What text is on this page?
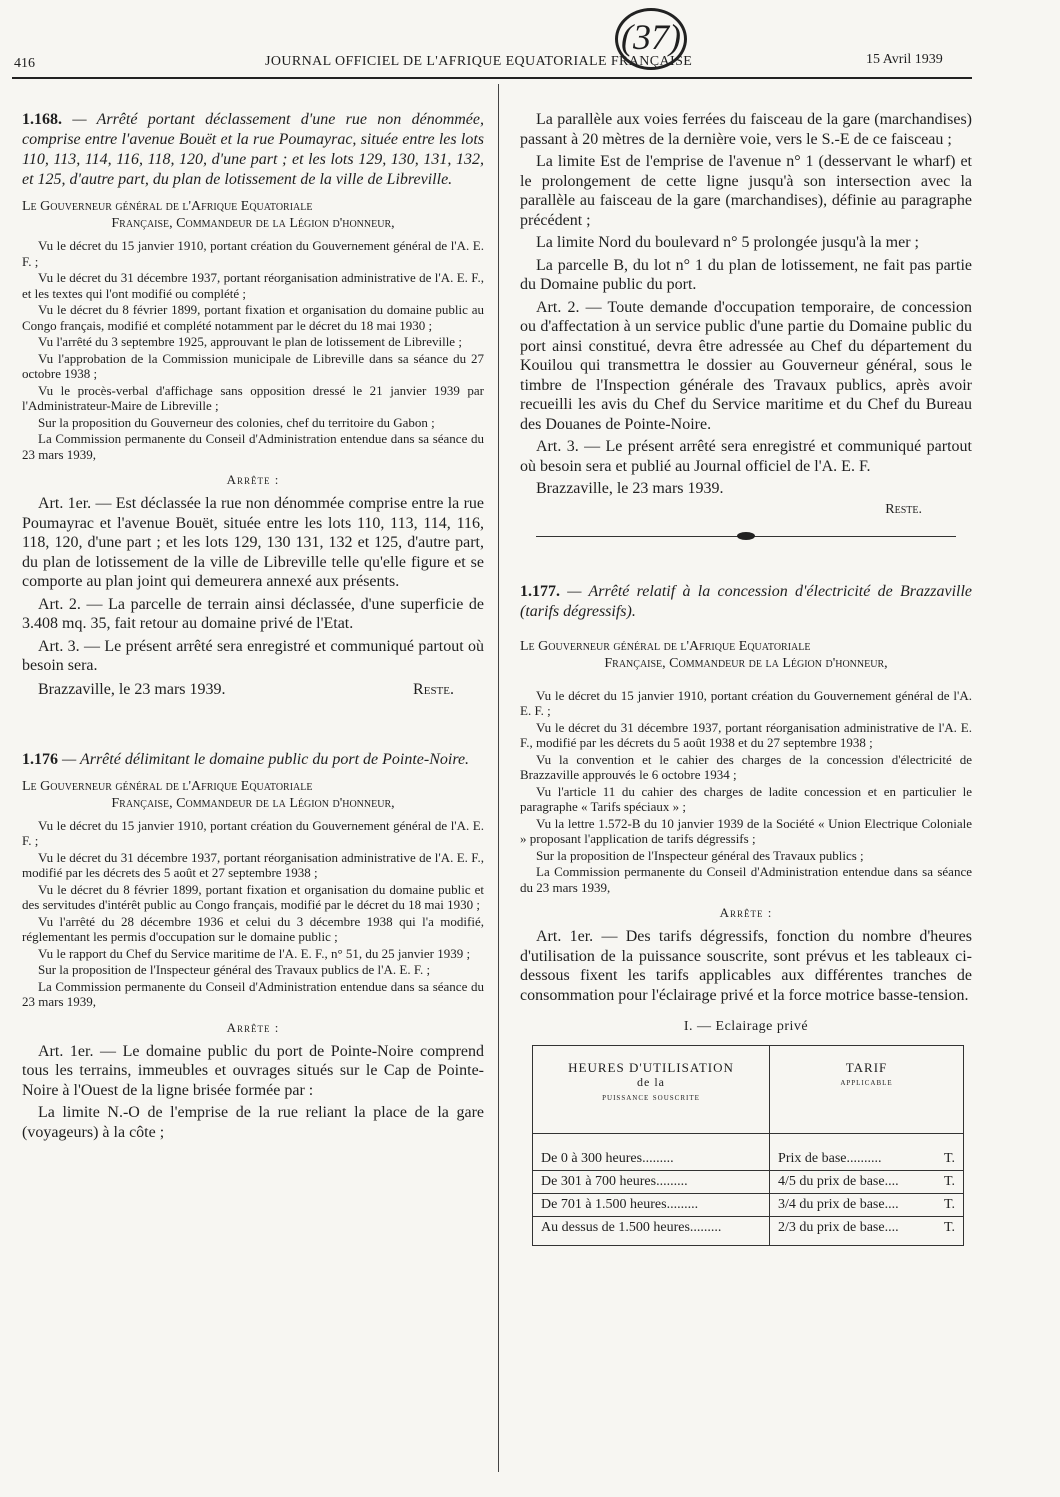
416	JOURNAL OFFICIEL DE L'AFRIQUE EQUATORIALE FRANÇAISE
(37)
15 Avril 1939

1.168. — Arrêté portant déclassement d'une rue non dénommée, comprise entre l'avenue Bouët et la rue Poumayrac, située entre les lots 110, 113, 114, 116, 118, 120, d'une part ; et les lots 129, 130, 131, 132, et 125, d'autre part, du plan de lotissement de la ville de Libreville.

Le Gouverneur général de l'Afrique Equatoriale
Française, Commandeur de la Légion d'honneur,

Vu le décret du 15 janvier 1910, portant création du Gouvernement général de l'A. E. F. ;

Vu le décret du 31 décembre 1937, portant réorganisation administrative de l'A. E. F., et les textes qui l'ont modifié ou complété ;

Vu le décret du 8 février 1899, portant fixation et organisation du domaine public au Congo français, modifié et complété notamment par le décret du 18 mai 1930 ;

Vu l'arrêté du 3 septembre 1925, approuvant le plan de lotissement de Libreville ;

Vu l'approbation de la Commission municipale de Libreville dans sa séance du 27 octobre 1938 ;

Vu le procès-verbal d'affichage sans opposition dressé le 21 janvier 1939 par l'Administrateur-Maire de Libreville ;

Sur la proposition du Gouverneur des colonies, chef du territoire du Gabon ;

La Commission permanente du Conseil d'Administration entendue dans sa séance du 23 mars 1939,

Arrête :

Art. 1er. — Est déclassée la rue non dénommée comprise entre la rue Poumayrac et l'avenue Bouët, située entre les lots 110, 113, 114, 116, 118, 120, d'une part ; et les lots 129, 130 131, 132 et 125, d'autre part, du plan de lotissement de la ville de Libreville telle qu'elle figure et se comporte au plan joint qui demeurera annexé aux présents.

Art. 2. — La parcelle de terrain ainsi déclassée, d'une superficie de 3.408 mq. 35, fait retour au domaine privé de l'Etat.

Art. 3. — Le présent arrêté sera enregistré et communiqué partout où besoin sera.

Brazzaville, le 23 mars 1939.	Reste.

1.176 — Arrêté délimitant le domaine public du port de Pointe-Noire.

Le Gouverneur général de l'Afrique Equatoriale
Française, Commandeur de la Légion d'honneur,

Vu le décret du 15 janvier 1910, portant création du Gouvernement général de l'A. E. F. ;

Vu le décret du 31 décembre 1937, portant réorganisation administrative de l'A. E. F., modifié par les décrets des 5 août et 27 septembre 1938 ;

Vu le décret du 8 février 1899, portant fixation et organisation du domaine public et des servitudes d'intérêt public au Congo français, modifié par le décret du 18 mai 1930 ;

Vu l'arrêté du 28 décembre 1936 et celui du 3 décembre 1938 qui l'a modifié, réglementant les permis d'occupation sur le domaine public ;

Vu le rapport du Chef du Service maritime de l'A. E. F., n° 51, du 25 janvier 1939 ;

Sur la proposition de l'Inspecteur général des Travaux publics de l'A. E. F. ;

La Commission permanente du Conseil d'Administration entendue dans sa séance du 23 mars 1939,

Arrête :

Art. 1er. — Le domaine public du port de Pointe-Noire comprend tous les terrains, immeubles et ouvrages situés sur le Cap de Pointe-Noire à l'Ouest de la ligne brisée formée par :

La limite N.-O de l'emprise de la rue reliant la place de la gare (voyageurs) à la côte ;

La parallèle aux voies ferrées du faisceau de la gare (marchandises) passant à 20 mètres de la dernière voie, vers le S.-E de ce faisceau ;

La limite Est de l'emprise de l'avenue n° 1 (desservant le wharf) et le prolongement de cette ligne jusqu'à son intersection avec la parallèle au faisceau de la gare (marchandises), définie au paragraphe précédent ;

La limite Nord du boulevard n° 5 prolongée jusqu'à la mer ;

La parcelle B, du lot n° 1 du plan de lotissement, ne fait pas partie du Domaine public du port.

Art. 2. — Toute demande d'occupation temporaire, de concession ou d'affectation à un service public d'une partie du Domaine public du port ainsi constitué, devra être adressée au Chef du département du Kouilou qui transmettra le dossier au Gouverneur général, sous le timbre de l'Inspection générale des Travaux publics, après avoir recueilli les avis du Chef du Service maritime et du Chef du Bureau des Douanes de Pointe-Noire.

Art. 3. — Le présent arrêté sera enregistré et communiqué partout où besoin sera et publié au Journal officiel de l'A. E. F.

Brazzaville, le 23 mars 1939.

Reste.

1.177. — Arrêté relatif à la concession d'électricité de Brazzaville (tarifs dégressifs).

Le Gouverneur général de l'Afrique Equatoriale
Française, Commandeur de la Légion d'honneur,

Vu le décret du 15 janvier 1910, portant création du Gouvernement général de l'A. E. F. ;

Vu le décret du 31 décembre 1937, portant réorganisation administrative de l'A. E. F., modifié par les décrets du 5 août 1938 et du 27 septembre 1938 ;

Vu la convention et le cahier des charges de la concession d'électricité de Brazzaville approuvés le 6 octobre 1934 ;

Vu l'article 11 du cahier des charges de ladite concession et en particulier le paragraphe « Tarifs spéciaux » ;

Vu la lettre 1.572-B du 10 janvier 1939 de la Société « Union Electrique Coloniale » proposant l'application de tarifs dégressifs ;

Sur la proposition de l'Inspecteur général des Travaux publics ;

La Commission permanente du Conseil d'Administration entendue dans sa séance du 23 mars 1939,

Arrête :

Art. 1er. — Des tarifs dégressifs, fonction du nombre d'heures d'utilisation de la puissance souscrite, sont prévus et les tableaux ci-dessous fixent les tarifs applicables aux différentes tranches de consommation pour l'éclairage privé et la force motrice basse-tension.

I. — Eclairage privé

HEURES D'UTILISATION
de la
puissance souscrite	TARIF
applicable

De 0 à 300 heures.........	Prix de base.......... T.

De 301 à 700 heures.........	4/5 du prix de base.... T.

De 701 à 1.500 heures.........	3/4 du prix de base.... T.

Au dessus de 1.500 heures.........	2/3 du prix de base.... T.
